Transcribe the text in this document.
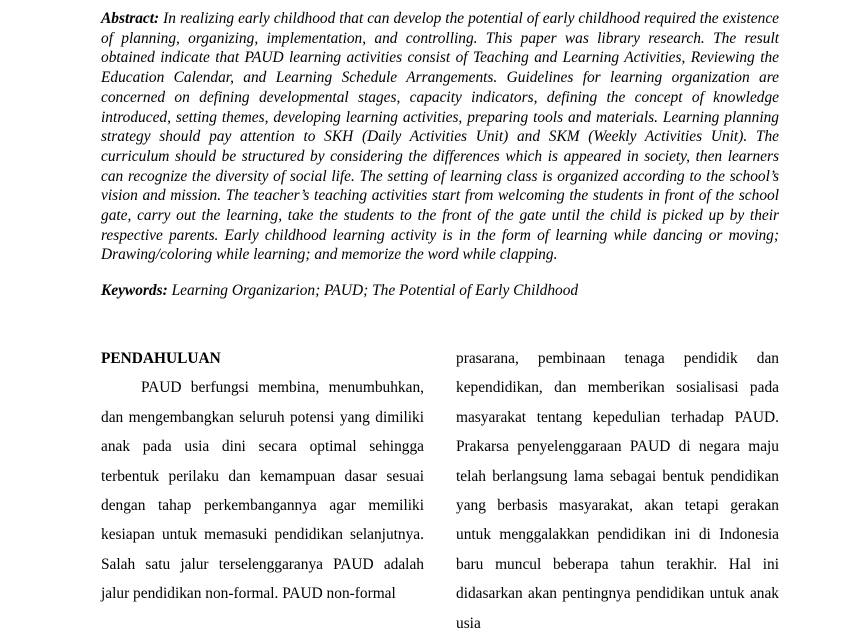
Abstract: In realizing early childhood that can develop the potential of early childhood required the existence of planning, organizing, implementation, and controlling. This paper was library research. The result obtained indicate that PAUD learning activities consist of Teaching and Learning Activities, Reviewing the Education Calendar, and Learning Schedule Arrangements. Guidelines for learning organization are concerned on defining developmental stages, capacity indicators, defining the concept of knowledge introduced, setting themes, developing learning activities, preparing tools and materials. Learning planning strategy should pay attention to SKH (Daily Activities Unit) and SKM (Weekly Activities Unit). The curriculum should be structured by considering the differences which is appeared in society, then learners can recognize the diversity of social life. The setting of learning class is organized according to the school’s vision and mission. The teacher’s teaching activities start from welcoming the students in front of the school gate, carry out the learning, take the students to the front of the gate until the child is picked up by their respective parents. Early childhood learning activity is in the form of learning while dancing or moving; Drawing/coloring while learning; and memorize the word while clapping.

Keywords: Learning Organizarion; PAUD; The Potential of Early Childhood

PENDAHULUAN

PAUD berfungsi membina, menumbuhkan, dan mengembangkan seluruh potensi yang dimiliki anak pada usia dini secara optimal sehingga terbentuk perilaku dan kemampuan dasar sesuai dengan tahap perkembangannya agar memiliki kesiapan untuk memasuki pendidikan selanjutnya. Salah satu jalur terselenggaranya PAUD adalah jalur pendidikan non-formal. PAUD non-formal

prasarana, pembinaan tenaga pendidik dan kependidikan, dan memberikan sosialisasi pada masyarakat tentang kepedulian terhadap PAUD. Prakarsa penyelenggaraan PAUD di negara maju telah berlangsung lama sebagai bentuk pendidikan yang berbasis masyarakat, akan tetapi gerakan untuk menggalakkan pendidikan ini di Indonesia baru muncul beberapa tahun terakhir. Hal ini didasarkan akan pentingnya pendidikan untuk anak usia
